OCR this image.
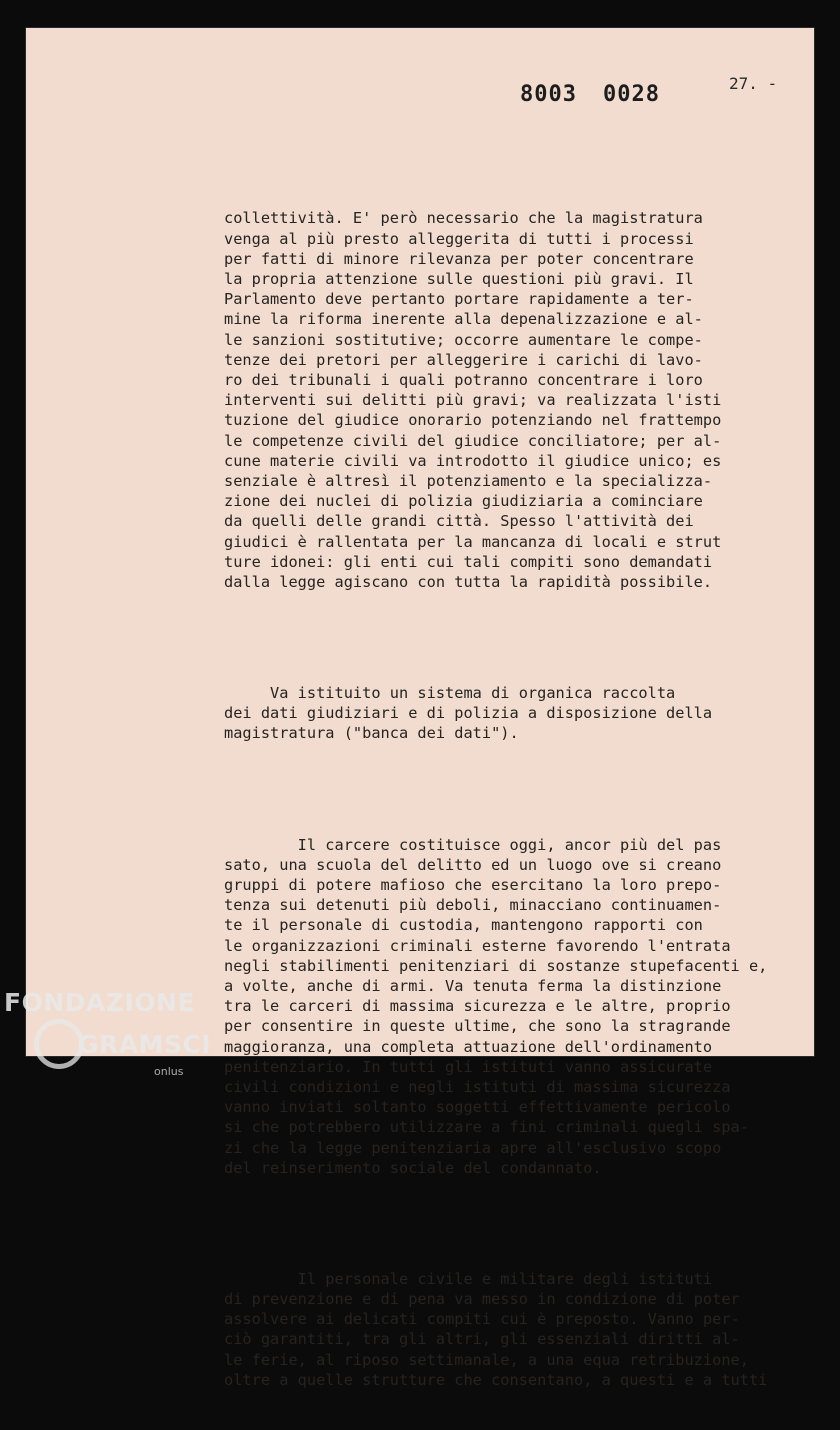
8003 0028	27. -

collettività. E' però necessario che la magistratura
venga al più presto alleggerita di tutti i processi
per fatti di minore rilevanza per poter concentrare
la propria attenzione sulle questioni più gravi. Il
Parlamento deve pertanto portare rapidamente a ter-
mine la riforma inerente alla depenalizzazione e al-
le sanzioni sostitutive; occorre aumentare le compe-
tenze dei pretori per alleggerire i carichi di lavo-
ro dei tribunali i quali potranno concentrare i loro
interventi sui delitti più gravi; va realizzata l'isti
tuzione del giudice onorario potenziando nel frattempo
le competenze civili del giudice conciliatore; per al-
cune materie civili va introdotto il giudice unico; es
senziale è altresì il potenziamento e la specializza-
zione dei nuclei di polizia giudiziaria a cominciare
da quelli delle grandi città. Spesso l'attività dei
giudici è rallentata per la mancanza di locali e strut
ture idonei: gli enti cui tali compiti sono demandati
dalla legge agiscano con tutta la rapidità possibile.

Va istituito un sistema di organica raccolta
dei dati giudiziari e di polizia a disposizione della
magistratura ("banca dei dati").

Il carcere costituisce oggi, ancor più del pas
sato, una scuola del delitto ed un luogo ove si creano
gruppi di potere mafioso che esercitano la loro prepo-
tenza sui detenuti più deboli, minacciano continuamen-
te il personale di custodia, mantengono rapporti con
le organizzazioni criminali esterne favorendo l'entrata
negli stabilimenti penitenziari di sostanze stupefacenti e,
a volte, anche di armi. Va tenuta ferma la distinzione
tra le carceri di massima sicurezza e le altre, proprio
per consentire in queste ultime, che sono la stragrande
maggioranza, una completa attuazione dell'ordinamento
penitenziario. In tutti gli istituti vanno assicurate
civili condizioni e negli istituti di massima sicurezza
vanno inviati soltanto soggetti effettivamente pericolo
si che potrebbero utilizzare a fini criminali quegli spa-
zi che la legge penitenziaria apre all'esclusivo scopo
del reinserimento sociale del condannato.

Il personale civile e militare degli istituti
di prevenzione e di pena va messo in condizione di poter
assolvere ai delicati compiti cui è preposto. Vanno per-
ciò garantiti, tra gli altri, gli essenziali diritti al-
le ferie, al riposo settimanale, a una equa retribuzione,
oltre a quelle strutture che consentano, a questi e a tutti

FONDAZIONE
GRAMSCI
onlus
